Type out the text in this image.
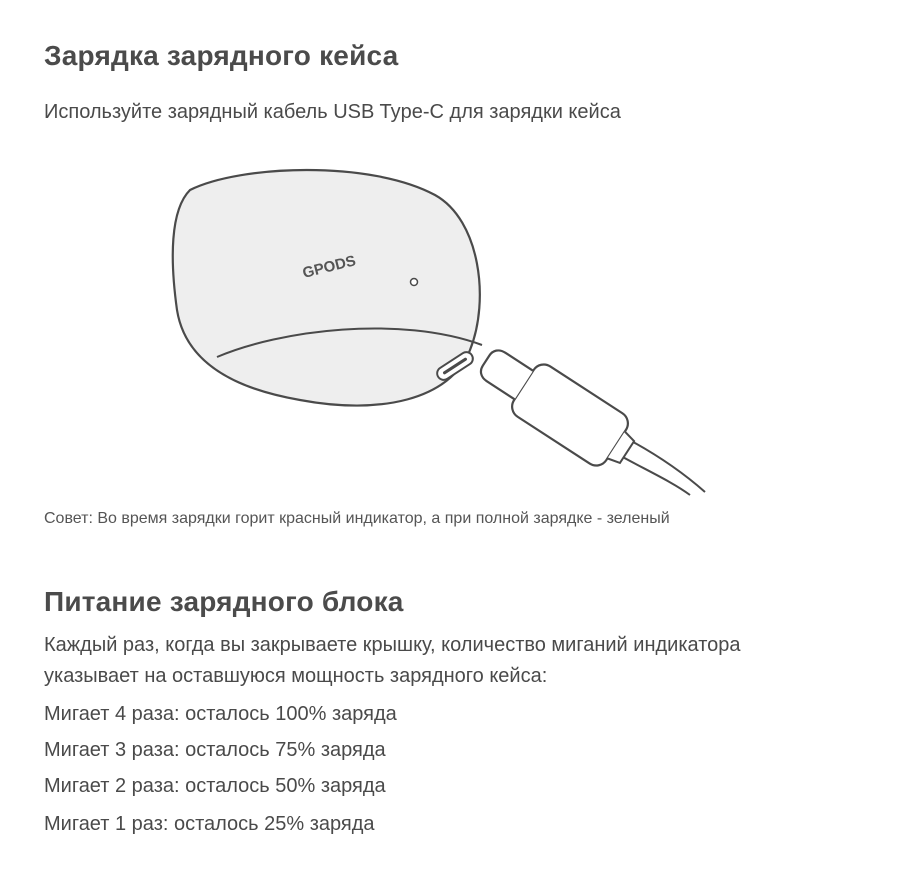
Зарядка зарядного кейса

Используйте зарядный кабель USB Type-C для зарядки кейса

GPODS

Совет: Во время зарядки горит красный индикатор, а при полной зарядке - зеленый

Питание зарядного блока

Каждый раз, когда вы закрываете крышку, количество миганий индикатора

указывает на оставшуюся мощность зарядного кейса:

Мигает 4 раза: осталось 100% заряда

Мигает 3 раза: осталось 75% заряда

Мигает 2 раза: осталось 50% заряда

Мигает 1 раз: осталось 25% заряда
